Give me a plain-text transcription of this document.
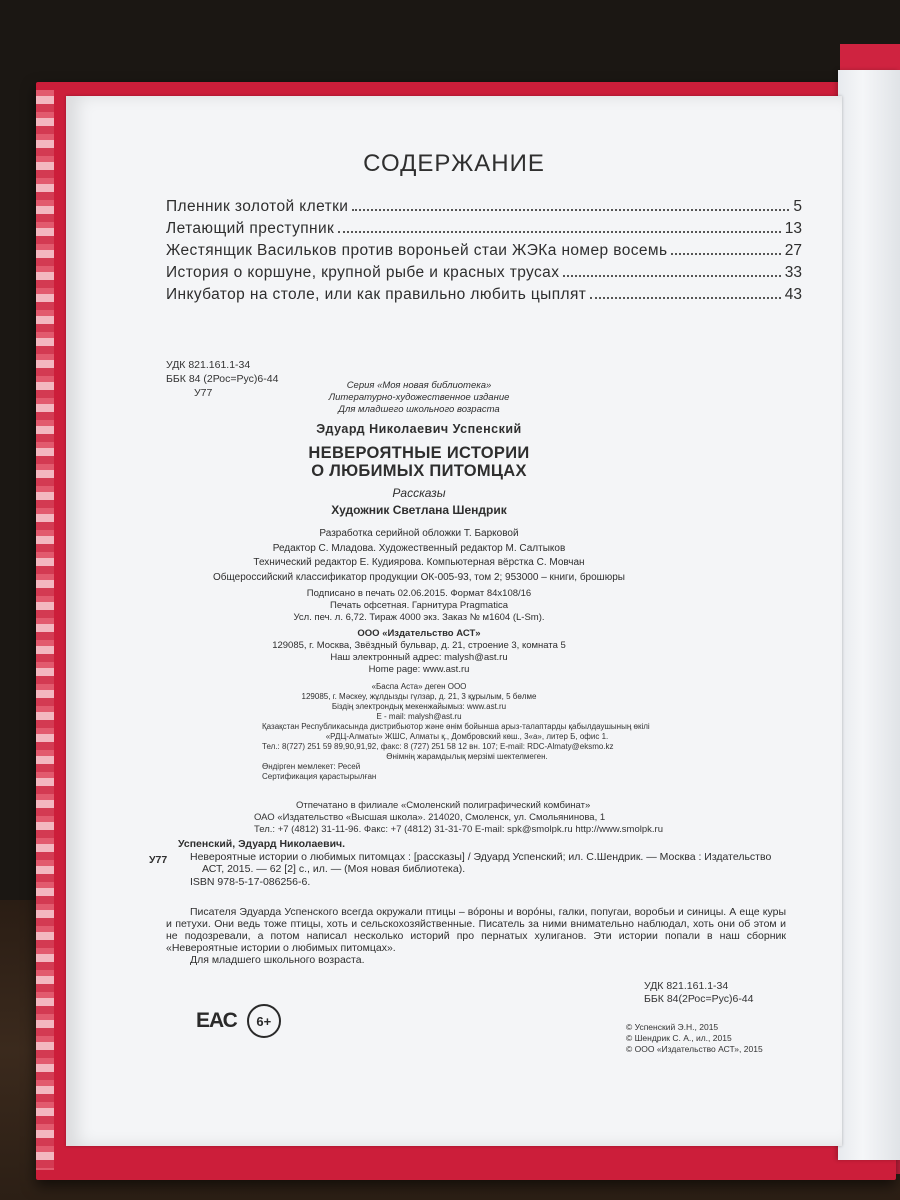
СОДЕРЖАНИЕ
Пленник золотой клетки	5
Летающий преступник	13
Жестянщик Васильков против вороньей стаи ЖЭКа номер восемь	27
История о коршуне, крупной рыбе и красных трусах	33
Инкубатор на столе, или как правильно любить цыплят	43
УДК 821.161.1-34
ББК 84 (2Рос=Рус)6-44
У77
Серия «Моя новая библиотека»
Литературно-художественное издание
Для младшего школьного возраста
Эдуард Николаевич Успенский
НЕВЕРОЯТНЫЕ ИСТОРИИ
О ЛЮБИМЫХ ПИТОМЦАХ
Рассказы
Художник Светлана Шендрик
Разработка серийной обложки Т. Барковой
Редактор С. Младова. Художественный редактор М. Салтыков
Технический редактор Е. Кудиярова. Компьютерная вёрстка С. Мовчан
Общероссийский классификатор продукции ОК-005-93, том 2; 953000 – книги, брошюры
Подписано в печать 02.06.2015. Формат 84x108/16
Печать офсетная. Гарнитура Pragmatica
Усл. печ. л. 6,72. Тираж 4000 экз. Заказ № м1604 (L-Sm).
ООО «Издательство АСТ»
129085, г. Москва, Звёздный бульвар, д. 21, строение 3, комната 5
Наш электронный адрес: malysh@ast.ru
Home page: www.ast.ru
«Баспа Аста» деген ООО
129085, г. Мәскеу, жұлдызды гүлзар, д. 21, 3 құрылым, 5 бөлме
Біздің электрондық мекенжайымыз: www.ast.ru
E - mail: malysh@ast.ru
Қазақстан Республикасында дистрибьютор және өнім бойынша арыз-талаптарды қабылдаушының өкілі
«РДЦ-Алматы» ЖШС, Алматы қ., Домбровский көш., 3«а», литер Б, офис 1.
Тел.: 8(727) 251 59 89,90,91,92, факс: 8 (727) 251 58 12 вн. 107; E-mail: RDC-Almaty@eksmo.kz
Өнімнің жарамдылық мерзімі шектелмеген.
Өндірген мемлекет: Ресей
Сертификация қарастырылған
Отпечатано в филиале «Смоленский полиграфический комбинат»
ОАО «Издательство «Высшая школа». 214020, Смоленск, ул. Смольянинова, 1
Тел.: +7 (4812) 31-11-96. Факс: +7 (4812) 31-31-70 E-mail: spk@smolpk.ru http://www.smolpk.ru
У77
Успенский, Эдуард Николаевич.
Невероятные истории о любимых питомцах : [рассказы] / Эдуард Успенский; ил. С.Шендрик. — Москва : Издательство АСТ, 2015. — 62 [2] с., ил. — (Моя новая библиотека).
ISBN 978-5-17-086256-6.

Писателя Эдуарда Успенского всегда окружали птицы – во́роны и воро́ны, галки, попугаи, воробьи и синицы. А еще куры и петухи. Они ведь тоже птицы, хоть и сельскохозяйственные. Писатель за ними внимательно наблюдал, хоть они об этом и не подозревали, а потом написал несколько историй про пернатых хулиганов. Эти истории попали в наш сборник «Невероятные истории о любимых питомцах».

Для младшего школьного возраста.

УДК 821.161.1-34
ББК 84(2Рос=Рус)6-44
ЕАС	6+	© Успенский Э.Н., 2015
© Шендрик С. А., ил., 2015
© ООО «Издательство АСТ», 2015
